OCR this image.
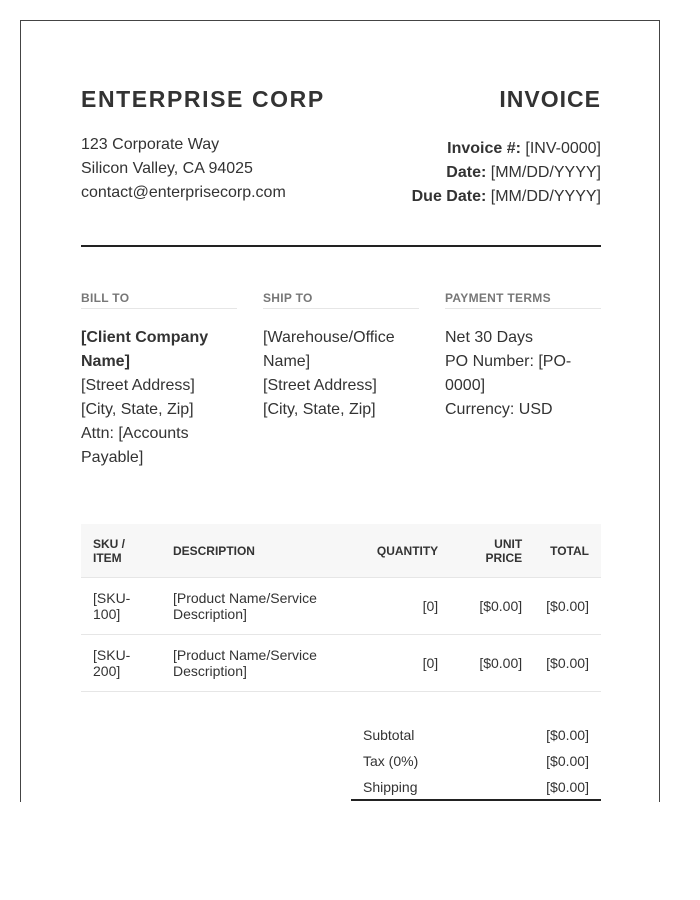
ENTERPRISE CORP	INVOICE
123 Corporate Way
Silicon Valley, CA 94025
contact@enterprisecorp.com
Invoice #: [INV-0000]
Date: [MM/DD/YYYY]
Due Date: [MM/DD/YYYY]
BILL TO
[Client Company Name]
[Street Address]
[City, State, Zip]
Attn: [Accounts Payable]
SHIP TO
[Warehouse/Office Name]
[Street Address]
[City, State, Zip]
PAYMENT TERMS
Net 30 Days
PO Number: [PO-0000]
Currency: USD
SKU / ITEM	DESCRIPTION	QUANTITY	UNIT PRICE	TOTAL
[SKU-100]	[Product Name/Service Description]	[0]	[$0.00]	[$0.00]
[SKU-200]	[Product Name/Service Description]	[0]	[$0.00]	[$0.00]
Subtotal	[$0.00]
Tax (0%)	[$0.00]
Shipping	[$0.00]
